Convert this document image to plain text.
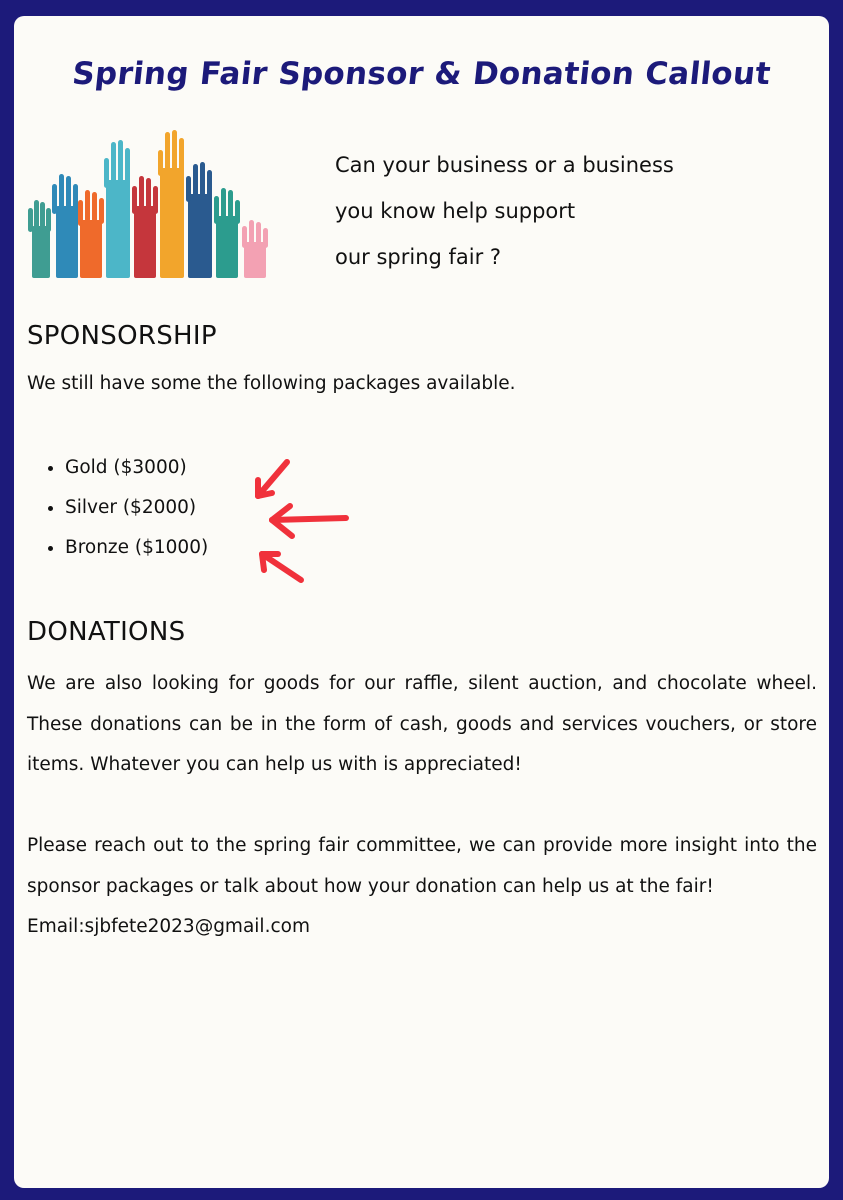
Spring Fair Sponsor & Donation Callout
Can your business or a business
you know help support
our spring fair ?
SPONSORSHIP

We still have some the following packages available.

• Gold ($3000)
• Silver ($2000)
• Bronze ($1000)
DONATIONS

We are also looking for goods for our raffle, silent auction, and chocolate wheel. These donations can be in the form of cash, goods and services vouchers, or store items. Whatever you can help us with is appreciated!

Please reach out to the spring fair committee, we can provide more insight into the sponsor packages or talk about how your donation can help us at the fair!

Email:sjbfete2023@gmail.com
